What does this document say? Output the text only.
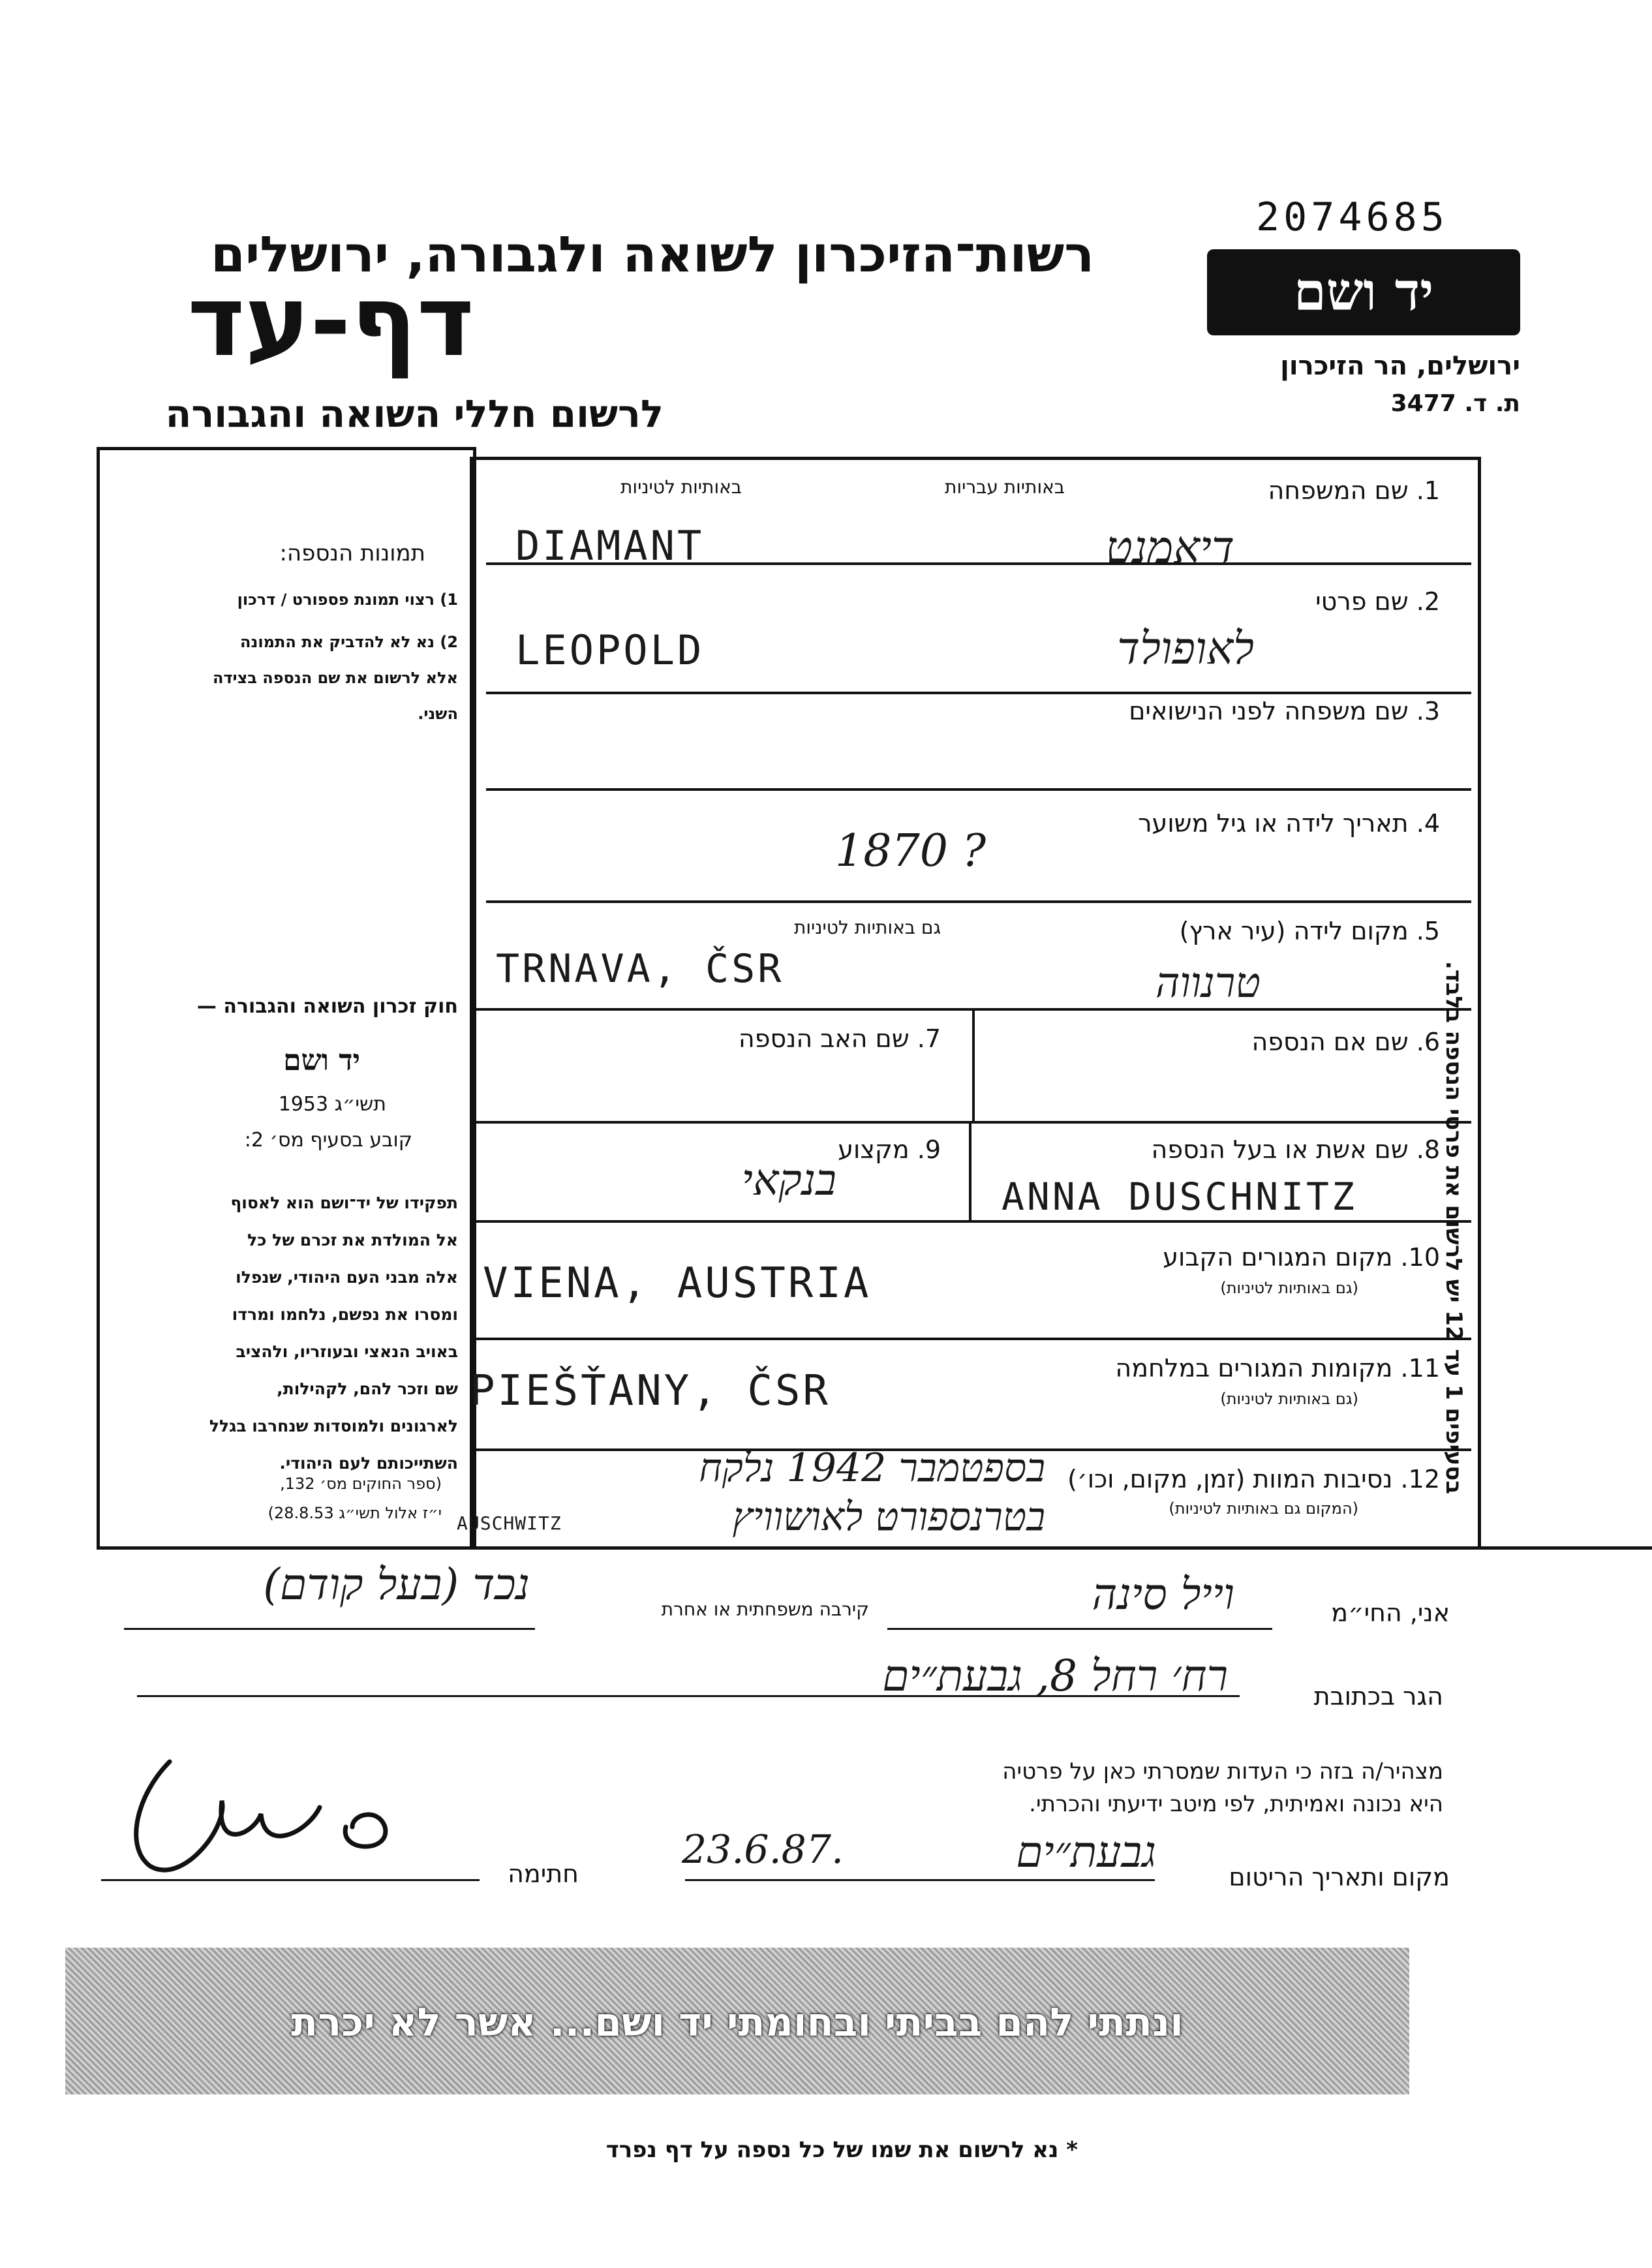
2074685
רשות־הזיכרון לשואה ולגבורה, ירושלים
דף-עד
לרשום חללי השואה והגבורה
יד ושם
ירושלים, הר הזיכרון
ת. ד. 3477
באותיות עבריות
באותיות לטיניות	1. שם המשפחה
DIAMANT	דיאמנט
2. שם פרטי
LEOPOLD	לאופולד
3. שם משפחה לפני הנישואים
4. תאריך לידה או גיל משוער
1870 ?
5. מקום לידה (עיר ארץ)
גם באותיות לטיניות
TRNAVA, ČSR	טרנווה
6. שם אם הנספה
7. שם האב הנספה
8. שם אשת או בעל הנספה
ANNA DUSCHNITZ
9. מקצוע
בנקאי
10. מקום המגורים הקבוע
(גם באותיות לטיניות)
VIENA, AUSTRIA
11. מקומות המגורים במלחמה
(גם באותיות לטיניות)
PIEŠŤANY, ČSR
12. נסיבות המוות (זמן, מקום, וכו׳)
(המקום גם באותיות לטיניות)
בספטמבר 1942 נלקח
בטרנספורט לאושוויץ
AUSCHWITZ
תמונות הנספה:
1) רצוי תמונת פספורט / דרכון
2) נא לא להדביק את התמונה
אלא לרשום את שם הנספה בצידה
השני.
חוק זכרון השואה והגבורה —
יד ושם
תשי״ג 1953
קובע בסעיף מס׳ 2:
תפקידו של יד־ושם הוא לאסוף
אל המולדת את זכרם של כל
אלה מבני העם היהודי, שנפלו
ומסרו את נפשם, נלחמו ומרדו
באויב הנאצי ובעוזריו, ולהציב
שם וזכר להם, לקהילות,
לארגונים ולמוסדות שנחרבו בגלל
השתייכותם לעם היהודי.
(ספר החוקים מס׳ 132,
י״ז אלול תשי״ג 28.8.53)
בסעיפים 1 עד 12 יש לרשום את פרטי הנספה בלבד.
אני, החי״מ
וייל סינה
קירבה משפחתית או אחרת
נכד (בעל קודם)
הגר בכתובת
רח׳ רחל 8, גבעת״ים
מצהיר/ה בזה כי העדות שמסרתי כאן על פרטיה
היא נכונה ואמיתית, לפי מיטב ידיעתי והכרתי.
מקום ותאריך הריטום
23.6.87.	גבעת״ים
חתימה
ונתתי להם בביתי ובחומתי יד ושם... אשר לא יכרת
* נא לרשום את שמו של כל נספה על דף נפרד
